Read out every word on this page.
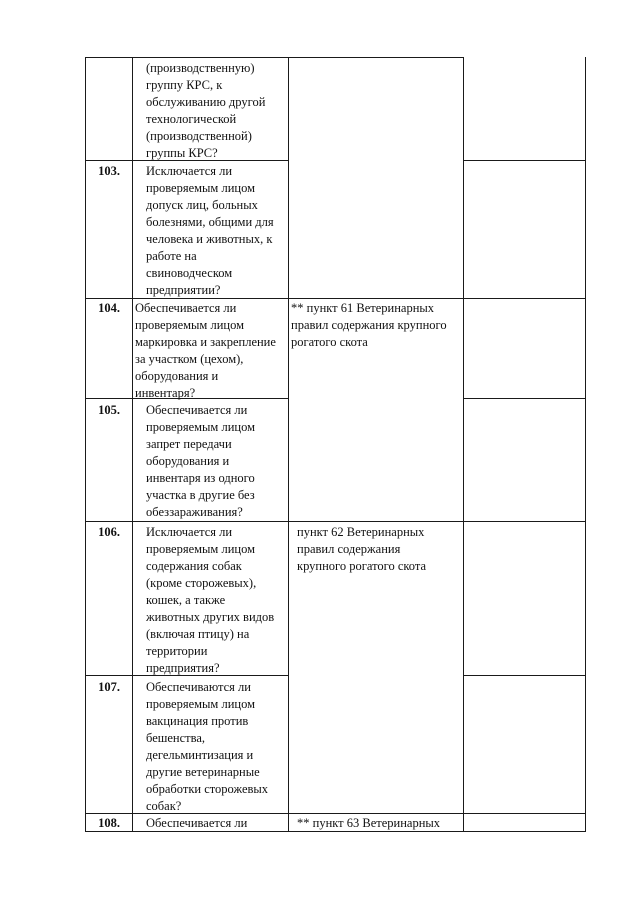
(производственную)
группу КРС, к
обслуживанию другой
технологической
(производственной)
группы КРС?
103.	Исключается ли
проверяемым лицом
допуск лиц, больных
болезнями, общими для
человека и животных, к
работе на
свиноводческом
предприятии?
104.	Обеспечивается ли
проверяемым лицом
маркировка и закрепление
за участком (цехом),
оборудования и
инвентаря?
** пункт 61 Ветеринарных
правил содержания крупного
рогатого скота
105.	Обеспечивается ли
проверяемым лицом
запрет передачи
оборудования и
инвентаря из одного
участка в другие без
обеззараживания?
106.	Исключается ли
проверяемым лицом
содержания собак
(кроме сторожевых),
кошек, а также
животных других видов
(включая птицу) на
территории
предприятия?
пункт 62 Ветеринарных
правил содержания
крупного рогатого скота
107.	Обеспечиваются ли
проверяемым лицом
вакцинация против
бешенства,
дегельминтизация и
другие ветеринарные
обработки сторожевых
собак?
108.	Обеспечивается ли	** пункт 63 Ветеринарных
